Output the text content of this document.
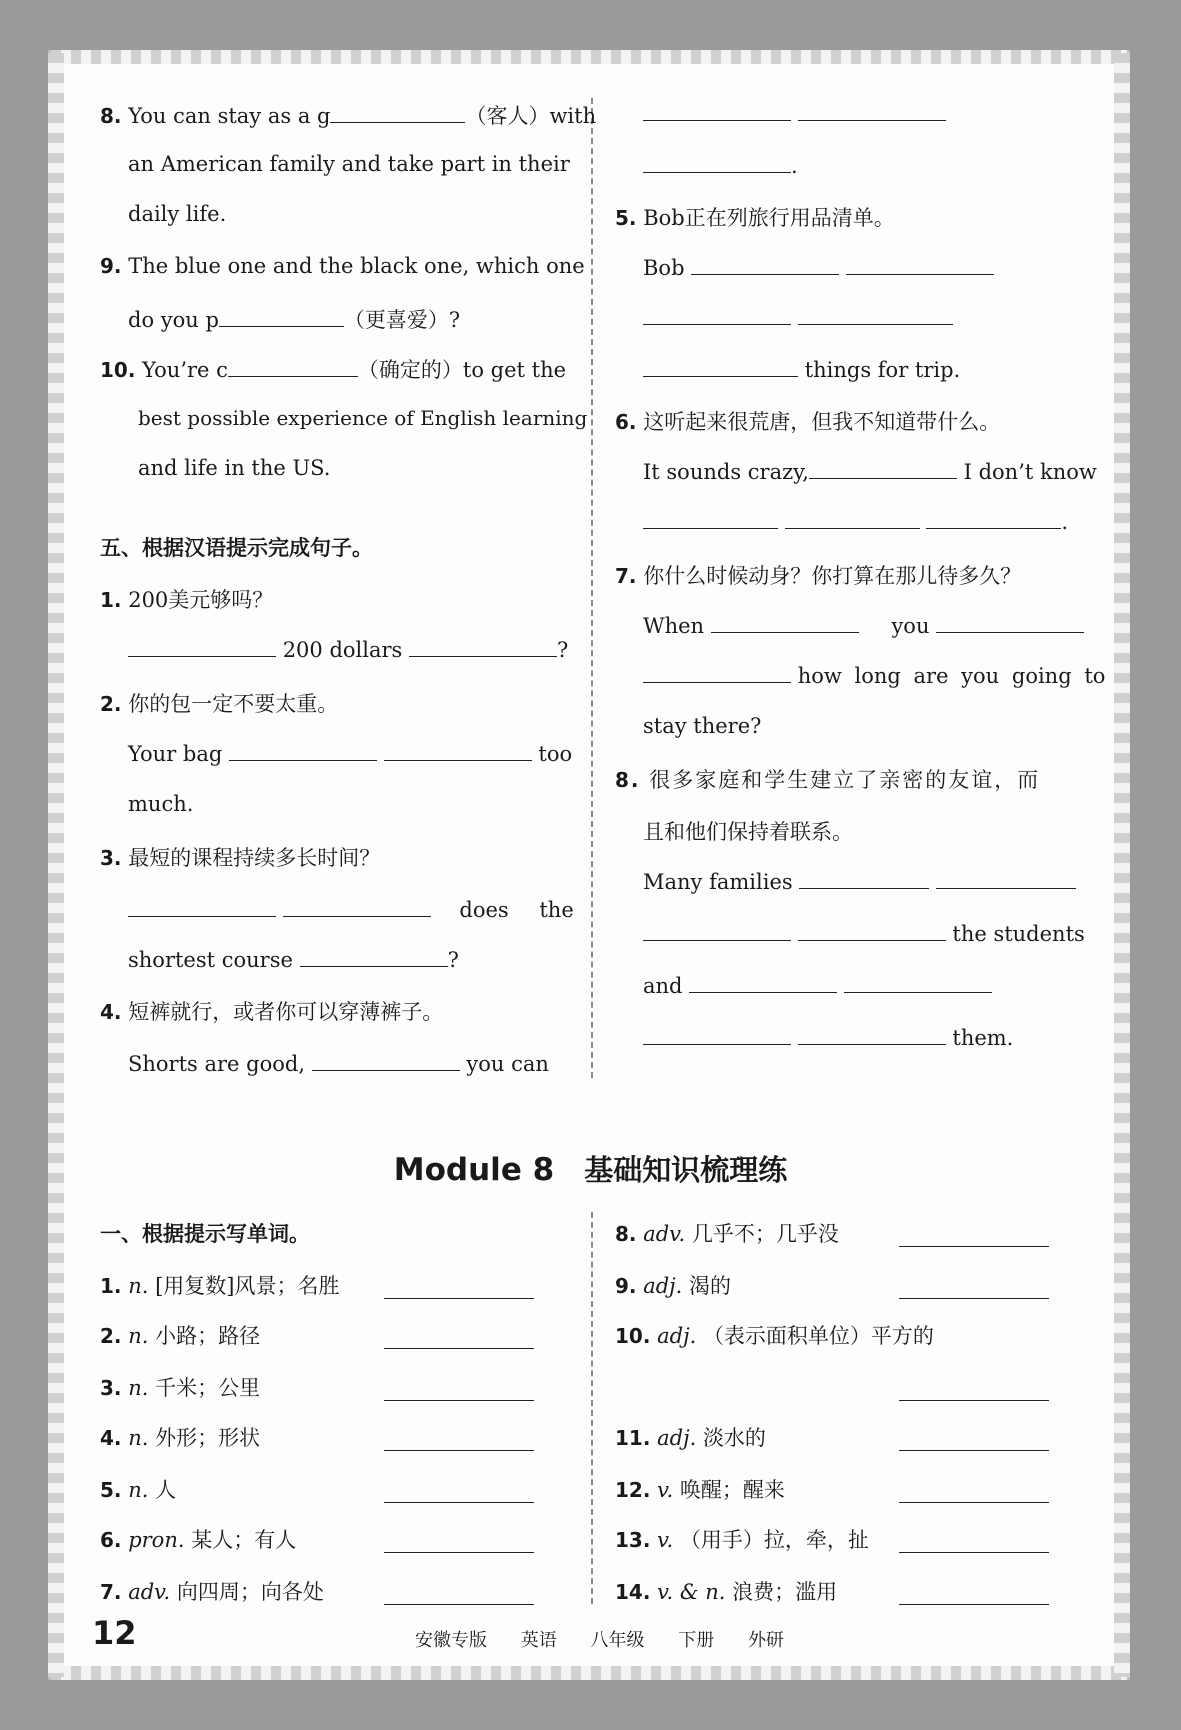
8. You can stay as a g	（客人）with
an American family and take part in their
daily life.
9. The blue one and the black one, which one
do you p	（更喜爱）?
10. You’re c	（确定的）to get the
best possible experience of English learning
and life in the US.
五、根据汉语提示完成句子。
1. 200美元够吗？
200 dollars	?
2. 你的包一定不要太重。
Your bag	too
much.
3. 最短的课程持续多长时间？
does the
shortest course	?
4. 短裤就行，或者你可以穿薄裤子。
Shorts are good,	you can

.
5. Bob正在列旅行用品清单。
Bob

things for trip.
6. 这听起来很荒唐，但我不知道带什么。
It sounds crazy,	I don’t know
.
7. 你什么时候动身？你打算在那儿待多久？
When	you
how long are you going to
stay there?
8. 很多家庭和学生建立了亲密的友谊，而
且和他们保持着联系。
Many families
the students
and
them.
Module 8 基础知识梳理练
一、根据提示写单词。
1. n. [用复数]风景；名胜
2. n. 小路；路径
3. n. 千米；公里
4. n. 外形；形状
5. n. 人
6. pron. 某人；有人
7. adv. 向四周；向各处
8. adv. 几乎不；几乎没
9. adj. 渴的
10. adj. （表示面积单位）平方的
11. adj. 淡水的
12. v. 唤醒；醒来
13. v. （用手）拉，牵，扯
14. v. & n. 浪费；滥用
12	安徽专版 英语 八年级 下册 外研
